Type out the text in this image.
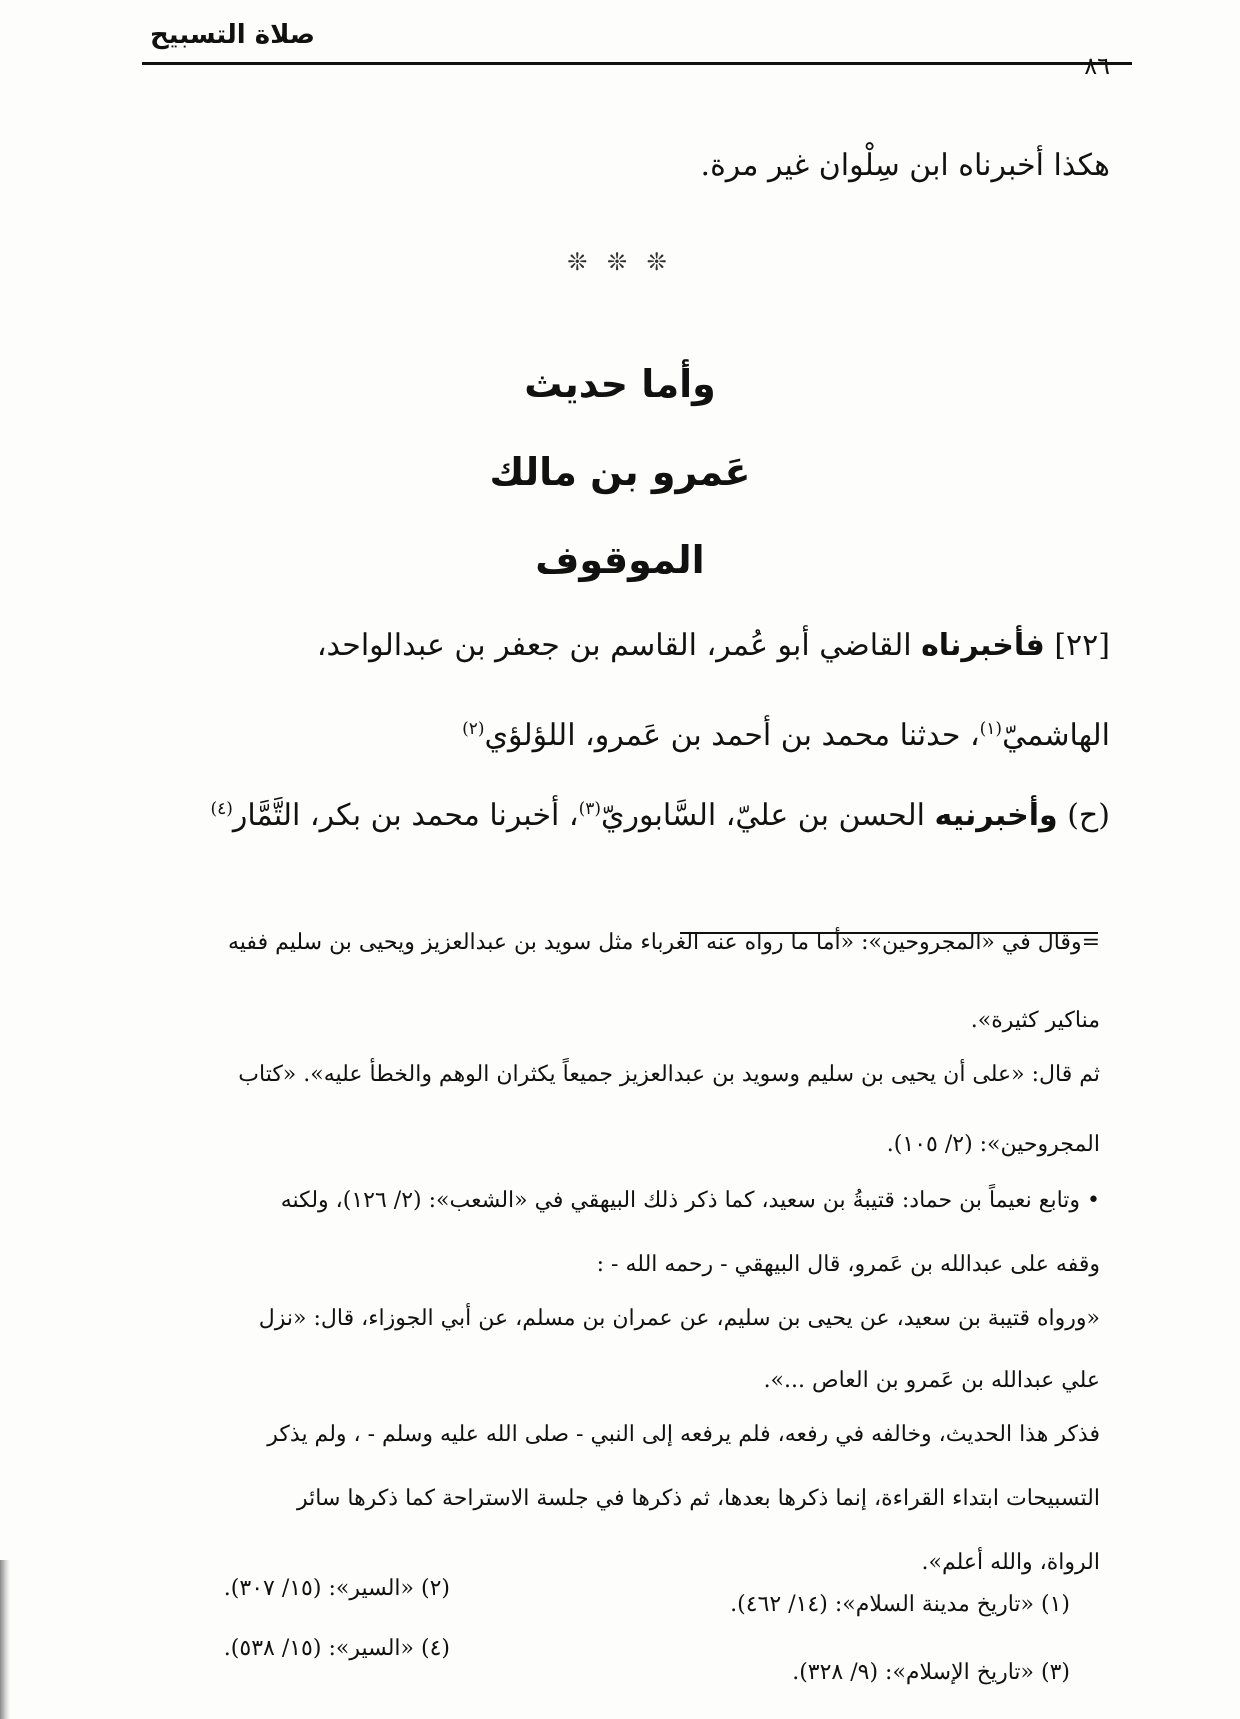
صلاة التسبيح
٨٦
هكذا أخبرناه ابن سِلْوان غير مرة.
❊ ❊ ❊
وأما حديث
عَمرو بن مالك
الموقوف
[٢٢] فأخبرناه القاضي أبو عُمر، القاسم بن جعفر بن عبدالواحد،
الهاشميّ$^{(١)}$، حدثنا محمد بن أحمد بن عَمرو، اللؤلؤي$^{(٢)}$
(ح) وأخبرنيه الحسن بن عليّ، السَّابوريّ$^{(٣)}$، أخبرنا محمد بن بكر، التَّمَّار$^{(٤)}$
=وقال في «المجروحين»: «أما ما رواه عنه الغرباء مثل سويد بن عبدالعزيز ويحيى بن سليم ففيه
مناكير كثيرة».
ثم قال: «على أن يحيى بن سليم وسويد بن عبدالعزيز جميعاً يكثران الوهم والخطأ عليه». «كتاب
المجروحين»: (٢/ ١٠٥).
• وتابع نعيماً بن حماد: قتيبةُ بن سعيد، كما ذكر ذلك البيهقي في «الشعب»: (٢/ ١٢٦)، ولكنه
وقفه على عبدالله بن عَمرو، قال البيهقي - رحمه الله - :
«ورواه قتيبة بن سعيد، عن يحيى بن سليم، عن عمران بن مسلم، عن أبي الجوزاء، قال: «نزل
علي عبدالله بن عَمرو بن العاص ...».
فذكر هذا الحديث، وخالفه في رفعه، فلم يرفعه إلى النبي - صلى الله عليه وسلم - ، ولم يذكر
التسبيحات ابتداء القراءة، إنما ذكرها بعدها، ثم ذكرها في جلسة الاستراحة كما ذكرها سائر
الرواة، والله أعلم».
(١) «تاريخ مدينة السلام»: (١٤/ ٤٦٢).
(٢) «السير»: (١٥/ ٣٠٧).
(٣) «تاريخ الإسلام»: (٩/ ٣٢٨).
(٤) «السير»: (١٥/ ٥٣٨).
